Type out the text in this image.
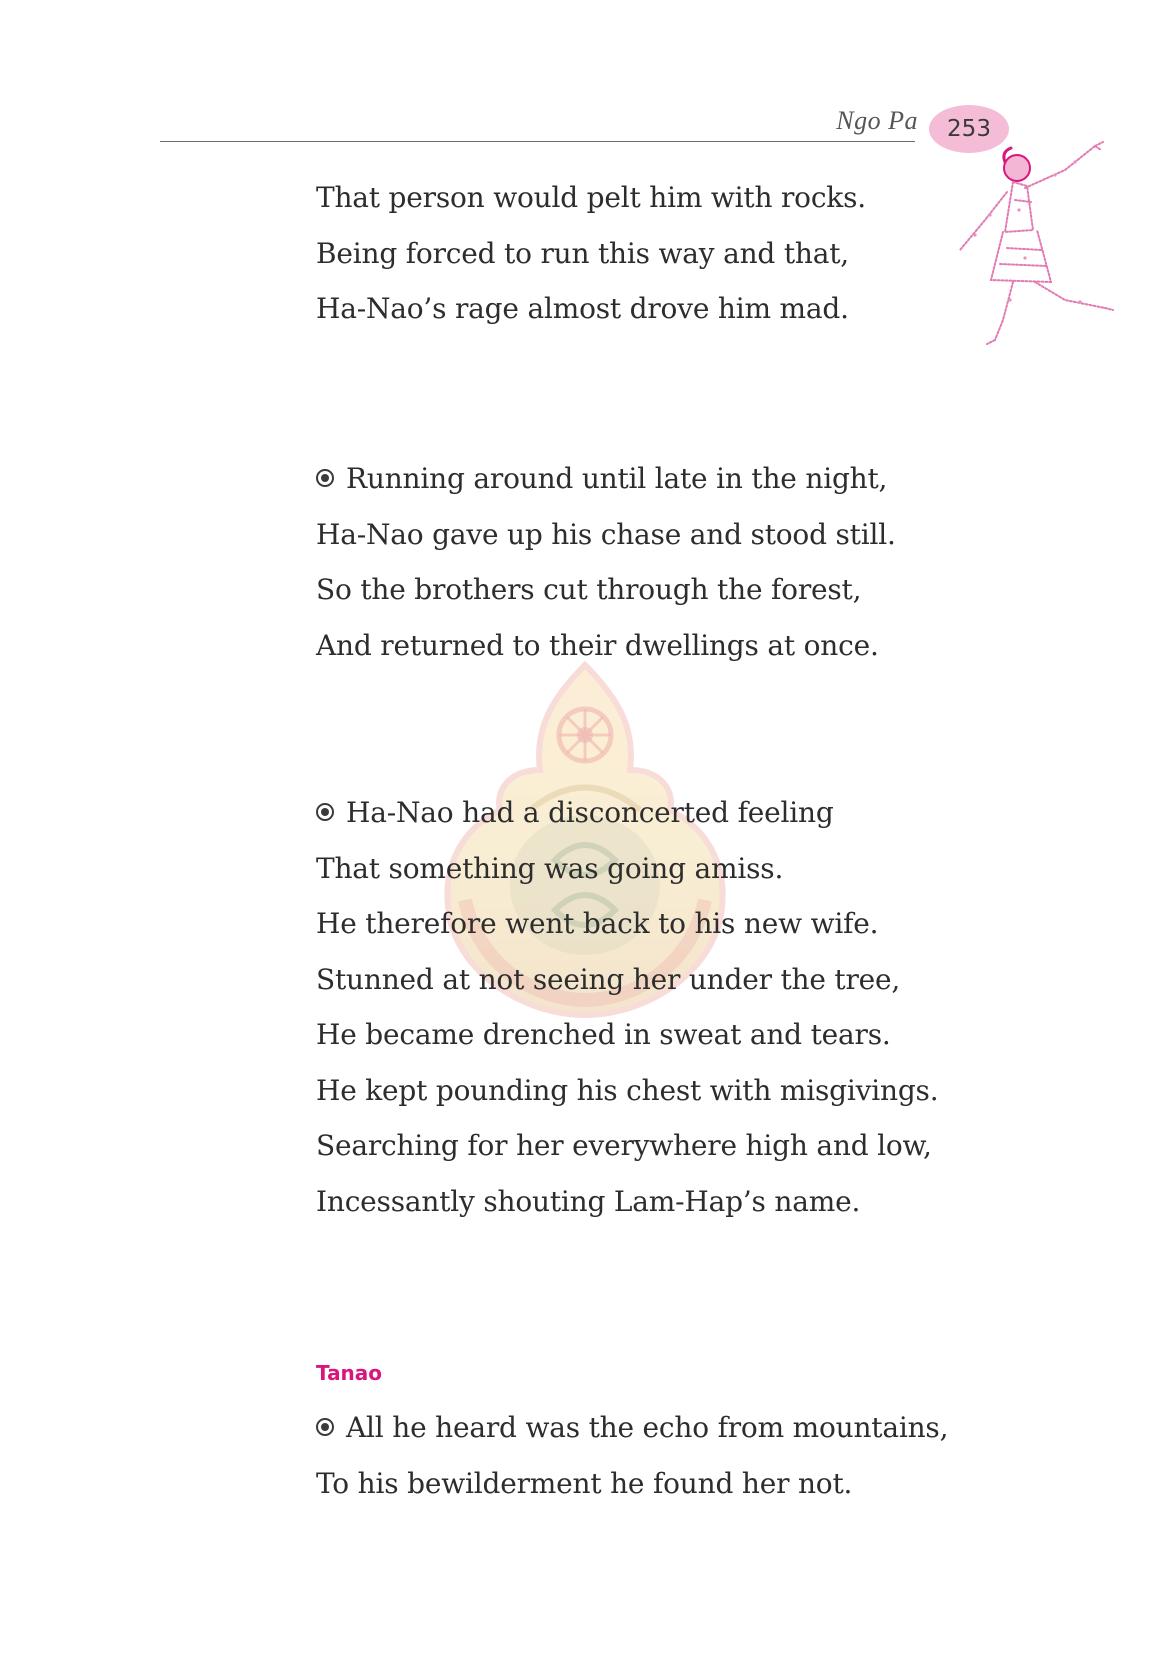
Ngo Pa 253
That person would pelt him with rocks.
Being forced to run this way and that,
Ha-Nao’s rage almost drove him mad.
Running around until late in the night,
Ha-Nao gave up his chase and stood still.
So the brothers cut through the forest,
And returned to their dwellings at once.
Ha-Nao had a disconcerted feeling
That something was going amiss.
He therefore went back to his new wife.
Stunned at not seeing her under the tree,
He became drenched in sweat and tears.
He kept pounding his chest with misgivings.
Searching for her everywhere high and low,
Incessantly shouting Lam-Hap’s name.
Tanao
All he heard was the echo from mountains,
To his bewilderment he found her not.
